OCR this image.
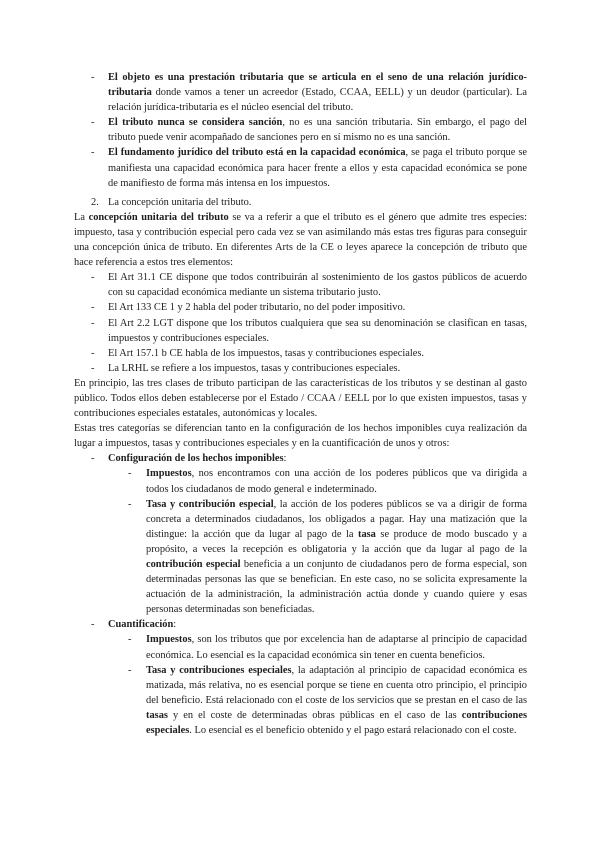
- El objeto es una prestación tributaria que se articula en el seno de una relación jurídico-tributaria donde vamos a tener un acreedor (Estado, CCAA, EELL) y un deudor (particular). La relación jurídica-tributaria es el núcleo esencial del tributo.
- El tributo nunca se considera sanción, no es una sanción tributaria. Sin embargo, el pago del tributo puede venir acompañado de sanciones pero en sí mismo no es una sanción.
- El fundamento jurídico del tributo está en la capacidad económica, se paga el tributo porque se manifiesta una capacidad económica para hacer frente a ellos y esta capacidad económica se pone de manifiesto de forma más intensa en los impuestos.
2. La concepción unitaria del tributo.

La concepción unitaria del tributo se va a referir a que el tributo es el género que admite tres especies: impuesto, tasa y contribución especial pero cada vez se van asimilando más estas tres figuras para conseguir una concepción única de tributo. En diferentes Arts de la CE o leyes aparece la concepción de tributo que hace referencia a estos tres elementos:

- El Art 31.1 CE dispone que todos contribuirán al sostenimiento de los gastos públicos de acuerdo con su capacidad económica mediante un sistema tributario justo.
- El Art 133 CE 1 y 2 habla del poder tributario, no del poder impositivo.
- El Art 2.2 LGT dispone que los tributos cualquiera que sea su denominación se clasifican en tasas, impuestos y contribuciones especiales.
- El Art 157.1 b CE habla de los impuestos, tasas y contribuciones especiales.
- La LRHL se refiere a los impuestos, tasas y contribuciones especiales.

En principio, las tres clases de tributo participan de las características de los tributos y se destinan al gasto público. Todos ellos deben establecerse por el Estado / CCAA / EELL por lo que existen impuestos, tasas y contribuciones especiales estatales, autonómicas y locales.

Estas tres categorías se diferencian tanto en la configuración de los hechos imponibles cuya realización da lugar a impuestos, tasas y contribuciones especiales y en la cuantificación de unos y otros:

- Configuración de los hechos imponibles:
- Impuestos, nos encontramos con una acción de los poderes públicos que va dirigida a todos los ciudadanos de modo general e indeterminado.
- Tasa y contribución especial, la acción de los poderes públicos se va a dirigir de forma concreta a determinados ciudadanos, los obligados a pagar. Hay una matización que la distingue: la acción que da lugar al pago de la tasa se produce de modo buscado y a propósito, a veces la recepción es obligatoria y la acción que da lugar al pago de la contribución especial beneficia a un conjunto de ciudadanos pero de forma especial, son determinadas personas las que se benefician. En este caso, no se solicita expresamente la actuación de la administración, la administración actúa donde y cuando quiere y esas personas determinadas son beneficiadas.
- Cuantificación:
- Impuestos, son los tributos que por excelencia han de adaptarse al principio de capacidad económica. Lo esencial es la capacidad económica sin tener en cuenta beneficios.
- Tasa y contribuciones especiales, la adaptación al principio de capacidad económica es matizada, más relativa, no es esencial porque se tiene en cuenta otro principio, el principio del beneficio. Está relacionado con el coste de los servicios que se prestan en el caso de las tasas y en el coste de determinadas obras públicas en el caso de las contribuciones especiales. Lo esencial es el beneficio obtenido y el pago estará relacionado con el coste.
